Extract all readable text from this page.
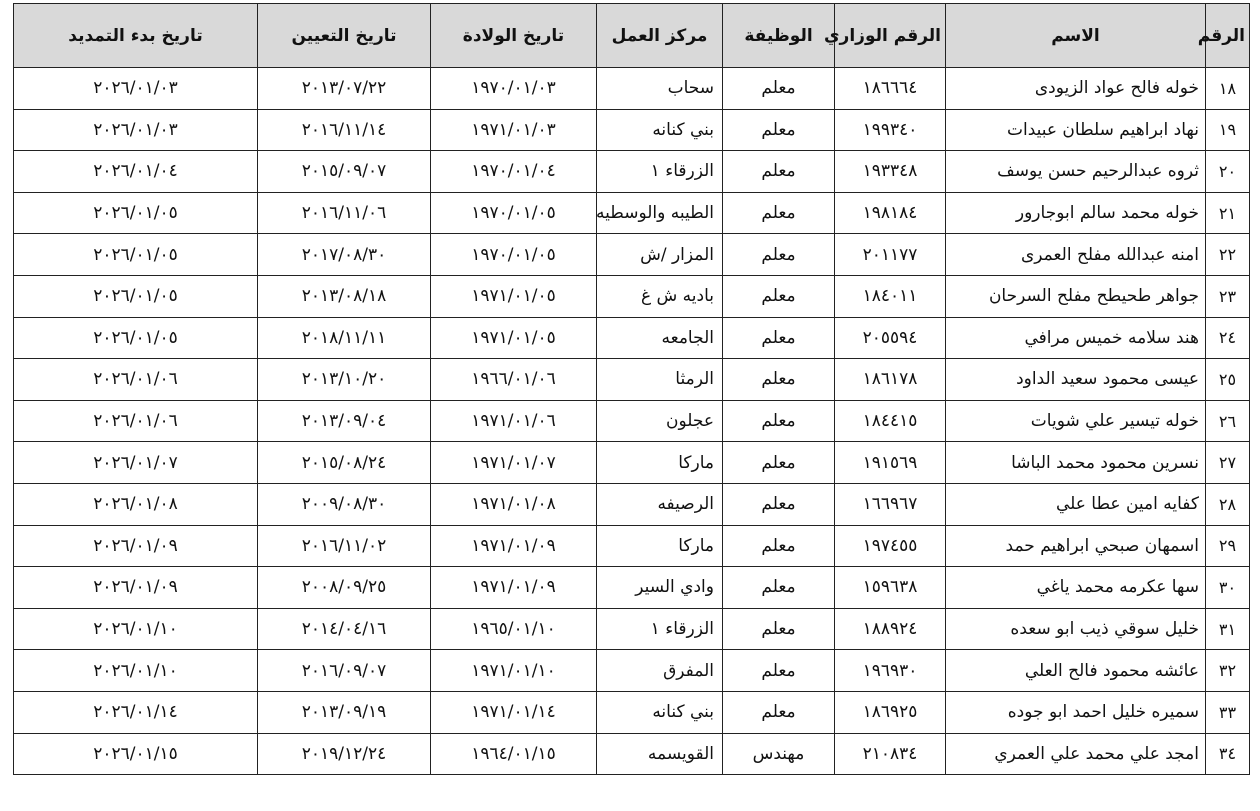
الرقم	الاسم	الرقم الوزاري	الوظيفة	مركز العمل	تاريخ الولادة	تاريخ التعيين	تاريخ بدء التمديد
١٨	خوله فالح عواد الزيودى	١٨٦٦٦٤	معلم	سحاب	١٩٧٠/٠١/٠٣	٢٠١٣/٠٧/٢٢	٢٠٢٦/٠١/٠٣
١٩	نهاد ابراهيم سلطان عبيدات	١٩٩٣٤٠	معلم	بني كنانه	١٩٧١/٠١/٠٣	٢٠١٦/١١/١٤	٢٠٢٦/٠١/٠٣
٢٠	ثروه عبدالرحيم حسن يوسف	١٩٣٣٤٨	معلم	الزرقاء ١	١٩٧٠/٠١/٠٤	٢٠١٥/٠٩/٠٧	٢٠٢٦/٠١/٠٤
٢١	خوله محمد سالم ابوجارور	١٩٨١٨٤	معلم	الطيبه والوسطيه	١٩٧٠/٠١/٠٥	٢٠١٦/١١/٠٦	٢٠٢٦/٠١/٠٥
٢٢	امنه عبدالله مفلح العمرى	٢٠١١٧٧	معلم	المزار /ش	١٩٧٠/٠١/٠٥	٢٠١٧/٠٨/٣٠	٢٠٢٦/٠١/٠٥
٢٣	جواهر طحيطح مفلح السرحان	١٨٤٠١١	معلم	باديه ش غ	١٩٧١/٠١/٠٥	٢٠١٣/٠٨/١٨	٢٠٢٦/٠١/٠٥
٢٤	هند سلامه خميس مرافي	٢٠٥٥٩٤	معلم	الجامعه	١٩٧١/٠١/٠٥	٢٠١٨/١١/١١	٢٠٢٦/٠١/٠٥
٢٥	عيسى محمود سعيد الداود	١٨٦١٧٨	معلم	الرمثا	١٩٦٦/٠١/٠٦	٢٠١٣/١٠/٢٠	٢٠٢٦/٠١/٠٦
٢٦	خوله تيسير علي شويات	١٨٤٤١٥	معلم	عجلون	١٩٧١/٠١/٠٦	٢٠١٣/٠٩/٠٤	٢٠٢٦/٠١/٠٦
٢٧	نسرين محمود محمد الباشا	١٩١٥٦٩	معلم	ماركا	١٩٧١/٠١/٠٧	٢٠١٥/٠٨/٢٤	٢٠٢٦/٠١/٠٧
٢٨	كفايه امين عطا علي	١٦٦٩٦٧	معلم	الرصيفه	١٩٧١/٠١/٠٨	٢٠٠٩/٠٨/٣٠	٢٠٢٦/٠١/٠٨
٢٩	اسمهان صبحي ابراهيم حمد	١٩٧٤٥٥	معلم	ماركا	١٩٧١/٠١/٠٩	٢٠١٦/١١/٠٢	٢٠٢٦/٠١/٠٩
٣٠	سها عكرمه محمد ياغي	١٥٩٦٣٨	معلم	وادي السير	١٩٧١/٠١/٠٩	٢٠٠٨/٠٩/٢٥	٢٠٢٦/٠١/٠٩
٣١	خليل سوقي ذيب ابو سعده	١٨٨٩٢٤	معلم	الزرقاء ١	١٩٦٥/٠١/١٠	٢٠١٤/٠٤/١٦	٢٠٢٦/٠١/١٠
٣٢	عائشه محمود فالح العلي	١٩٦٩٣٠	معلم	المفرق	١٩٧١/٠١/١٠	٢٠١٦/٠٩/٠٧	٢٠٢٦/٠١/١٠
٣٣	سميره خليل احمد ابو جوده	١٨٦٩٢٥	معلم	بني كنانه	١٩٧١/٠١/١٤	٢٠١٣/٠٩/١٩	٢٠٢٦/٠١/١٤
٣٤	امجد علي محمد علي العمري	٢١٠٨٣٤	مهندس	القويسمه	١٩٦٤/٠١/١٥	٢٠١٩/١٢/٢٤	٢٠٢٦/٠١/١٥
